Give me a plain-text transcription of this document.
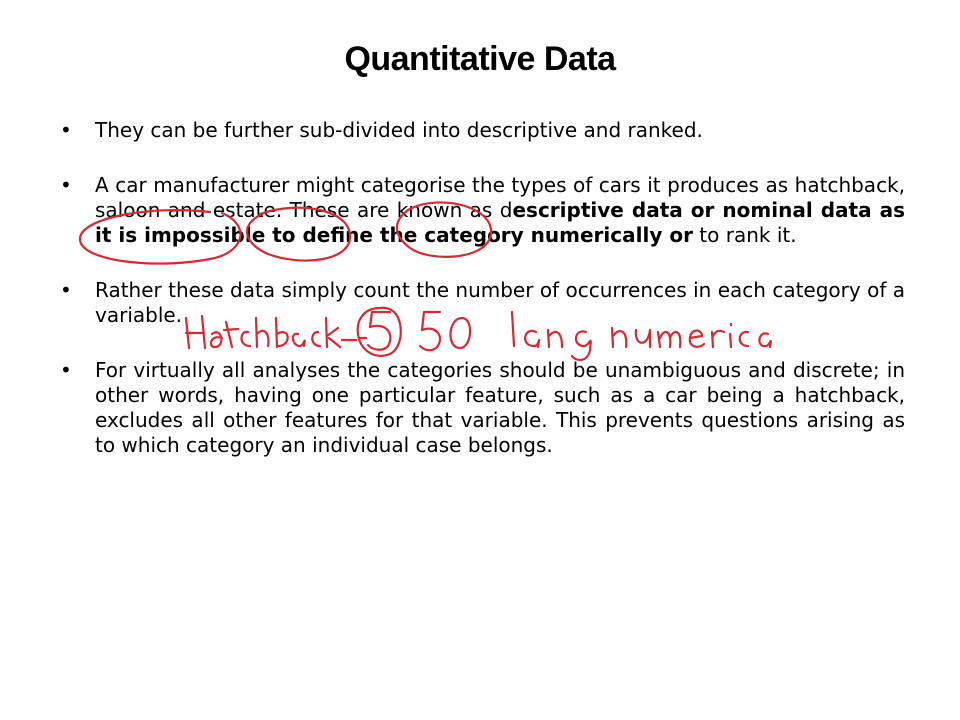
Quantitative Data
• They can be further sub-divided into descriptive and ranked.
• A car manufacturer might categorise the types of cars it produces as hatchback, saloon and estate. These are known as descriptive data or nominal data as it is impossible to define the category numerically or to rank it.
• Rather these data simply count the number of occurrences in each category of a variable.
• For virtually all analyses the categories should be unambiguous and discrete; in other words, having one particular feature, such as a car being a hatchback, excludes all other features for that variable. This prevents questions arising as to which category an individual case belongs.
